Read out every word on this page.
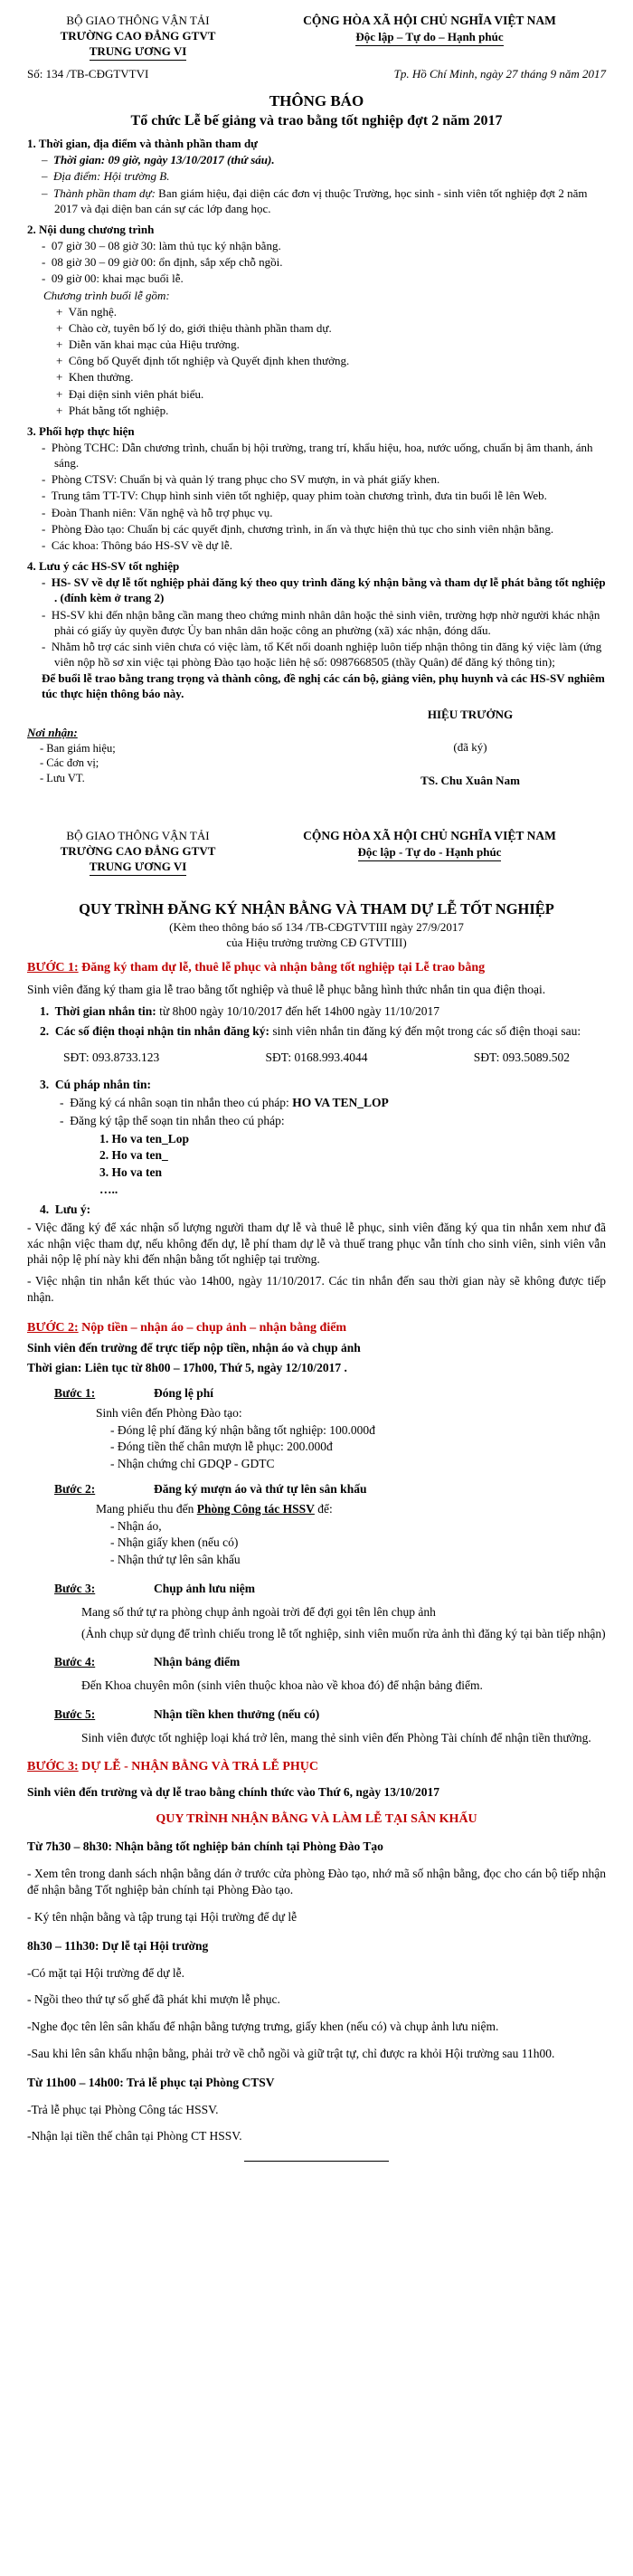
BỘ GIAO THÔNG VẬN TẢI
TRƯỜNG CAO ĐẲNG GTVT
TRUNG ƯƠNG VI
CỘNG HÒA XÃ HỘI CHỦ NGHĨA VIỆT NAM
Độc lập – Tự do – Hạnh phúc
Số: 134 /TB-CĐGTVTVI	Tp. Hồ Chí Minh, ngày 27 tháng 9 năm 2017
THÔNG BÁO
Tổ chức Lễ bế giảng và trao bằng tốt nghiệp đợt 2 năm 2017
1. Thời gian, địa điểm và thành phần tham dự
–  Thời gian: 09 giờ, ngày 13/10/2017 (thứ sáu).
–  Địa điểm: Hội trường B.
–  Thành phần tham dự: Ban giám hiệu, đại diện các đơn vị thuộc Trường, học sinh - sinh viên tốt nghiệp đợt 2 năm 2017 và đại diện ban cán sự các lớp đang học.
2. Nội dung chương trình
-  07 giờ 30 – 08 giờ 30: làm thủ tục ký nhận bằng.
-  08 giờ 30 – 09 giờ 00: ổn định, sắp xếp chỗ ngồi.
-  09 giờ 00: khai mạc buổi lễ.
Chương trình buổi lễ gồm:
+  Văn nghệ.
+  Chào cờ, tuyên bố lý do, giới thiệu thành phần tham dự.
+  Diễn văn khai mạc của Hiệu trưởng.
+  Công bố Quyết định tốt nghiệp và Quyết định khen thưởng.
+  Khen thưởng.
+  Đại diện sinh viên phát biểu.
+  Phát bằng tốt nghiệp.
3. Phối hợp thực hiện
-  Phòng TCHC: Dẫn chương trình, chuẩn bị hội trường, trang trí, khẩu hiệu, hoa, nước uống, chuẩn bị âm thanh, ánh sáng.
-  Phòng CTSV: Chuẩn bị và quản lý trang phục cho SV mượn, in và phát giấy khen.
-  Trung tâm TT-TV: Chụp hình sinh viên tốt nghiệp, quay phim toàn chương trình, đưa tin buổi lễ lên Web.
-  Đoàn Thanh niên: Văn nghệ và hỗ trợ phục vụ.
-  Phòng Đào tạo: Chuẩn bị các quyết định, chương trình, in ấn và thực hiện thủ tục cho sinh viên nhận bằng.
-  Các khoa: Thông báo HS-SV về dự lễ.
4. Lưu ý các HS-SV tốt nghiệp
-  HS- SV về dự lễ tốt nghiệp phải đăng ký theo quy trình đăng ký nhận bằng và tham dự lễ phát bằng tốt nghiệp . (đính kèm ở trang 2)
-  HS-SV khi đến nhận bằng cần mang theo chứng minh nhân dân hoặc thẻ sinh viên, trường hợp nhờ người khác nhận phải có giấy ủy quyền được Ủy ban nhân dân hoặc công an phường (xã) xác nhận, đóng dấu.
-  Nhằm hỗ trợ các sinh viên chưa có việc làm, tổ Kết nối doanh nghiệp luôn tiếp nhận thông tin đăng ký việc làm (ứng viên nộp hồ sơ xin việc tại phòng Đào tạo hoặc liên hệ số: 0987668505 (thầy Quân) để đăng ký thông tin);
Để buổi lễ trao bằng trang trọng và thành công, đề nghị các cán bộ, giảng viên, phụ huynh và các HS-SV nghiêm túc thực hiện thông báo này.
Nơi nhận:
- Ban giám hiệu;
- Các đơn vị;
- Lưu VT.
HIỆU TRƯỞNG
(đã ký)
TS. Chu Xuân Nam
BỘ GIAO THÔNG VẬN TẢI
TRƯỜNG CAO ĐẲNG GTVT
TRUNG ƯƠNG VI
CỘNG HÒA XÃ HỘI CHỦ NGHĨA VIỆT NAM
Độc lập - Tự do - Hạnh phúc
QUY TRÌNH ĐĂNG KÝ NHẬN BẰNG VÀ THAM DỰ LỄ TỐT NGHIỆP
(Kèm theo thông báo số 134 /TB-CĐGTVTIII ngày 27/9/2017
của Hiệu trưởng trường CĐ GTVTIII)
BƯỚC 1: Đăng ký tham dự lễ, thuê lễ phục và nhận bằng tốt nghiệp tại Lễ trao bằng

Sinh viên đăng ký tham gia lễ trao bằng tốt nghiệp và thuê lễ phục bằng hình thức nhắn tin qua điện thoại.

1.  Thời gian nhắn tin: từ 8h00 ngày 10/10/2017 đến hết 14h00 ngày 11/10/2017
2.  Các số điện thoại nhận tin nhắn đăng ký: sinh viên nhắn tin đăng ký đến một trong các số điện thoại sau:
SĐT: 093.8733.123	SĐT: 0168.993.4044	SĐT: 093.5089.502
3.  Cú pháp nhắn tin:
-  Đăng ký cá nhân soạn tin nhắn theo cú pháp: HO VA TEN_LOP
-  Đăng ký tập thể soạn tin nhắn theo cú pháp:
1. Ho va ten_Lop
2. Ho va ten_
3. Ho va ten
…..
4.  Lưu ý:

- Việc đăng ký để xác nhận số lượng người tham dự lễ và thuê lễ phục, sinh viên đăng ký qua tin nhắn xem như đã xác nhận việc tham dự, nếu không đến dự, lễ phí tham dự lễ và thuế trang phục vẫn tính cho sinh viên, sinh viên vẫn phải nộp lệ phí này khi đến nhận bằng tốt nghiệp tại trường.

- Việc nhận tin nhắn kết thúc vào 14h00, ngày 11/10/2017. Các tin nhắn đến sau thời gian này sẽ không được tiếp nhận.

BƯỚC 2: Nộp tiền – nhận áo – chụp ảnh – nhận bằng điểm
Sinh viên đến trường để trực tiếp nộp tiền, nhận áo và chụp ảnh
Thời gian: Liên tục từ 8h00 – 17h00, Thứ 5, ngày 12/10/2017 .
Bước 1:	Đóng lệ phí
Sinh viên đến Phòng Đào tạo:
- Đóng lệ phí đăng ký nhận bằng tốt nghiệp: 100.000đ
- Đóng tiền thế chân mượn lễ phục: 200.000đ
- Nhận chứng chỉ GDQP - GDTC
Bước 2:	Đăng ký mượn áo và thứ tự lên sân khấu
Mang phiếu thu đến Phòng Công tác HSSV để:
- Nhận áo,
- Nhận giấy khen (nếu có)
- Nhận thứ tự lên sân khấu
Bước 3:	Chụp ảnh lưu niệm

Mang số thứ tự ra phòng chụp ảnh ngoài trời để đợi gọi tên lên chụp ảnh

(Ảnh chụp sử dụng để trình chiếu trong lễ tốt nghiệp, sinh viên muốn rửa ảnh thì đăng ký tại bàn tiếp nhận)

Bước 4:	Nhận bảng điểm

Đến Khoa chuyên môn (sinh viên thuộc khoa nào về khoa đó) để nhận bảng điểm.

Bước 5:	Nhận tiền khen thưởng (nếu có)

Sinh viên được tốt nghiệp loại khá trở lên, mang thẻ sinh viên đến Phòng Tài chính để nhận tiền thưởng.

BƯỚC 3: DỰ LỄ - NHẬN BẰNG VÀ TRẢ LỄ PHỤC
Sinh viên đến trường và dự lễ trao bằng chính thức vào Thứ 6, ngày 13/10/2017
QUY TRÌNH NHẬN BẰNG VÀ LÀM LỄ TẠI SÂN KHẤU
Từ 7h30 – 8h30: Nhận bằng tốt nghiệp bản chính tại Phòng Đào Tạo

- Xem tên trong danh sách nhận bằng dán ở trước cửa phòng Đào tạo, nhớ mã số nhận bằng, đọc cho cán bộ tiếp nhận để nhận bằng Tốt nghiệp bản chính tại Phòng Đào tạo.

- Ký tên nhận bằng và tập trung tại Hội trường để dự lễ

8h30 – 11h30: Dự lễ tại Hội trường

-Có mặt tại Hội trường để dự lễ.

- Ngồi theo thứ tự số ghế đã phát khi mượn lễ phục.

-Nghe đọc tên lên sân khấu để nhận bằng tượng trưng, giấy khen (nếu có) và chụp ảnh lưu niệm.

-Sau khi lên sân khấu nhận bằng, phải trở về chỗ ngồi và giữ trật tự, chỉ được ra khỏi Hội trường sau 11h00.

Từ 11h00 – 14h00: Trả lễ phục tại Phòng CTSV

-Trả lễ phục tại Phòng Công tác HSSV.

-Nhận lại tiền thế chân tại Phòng CT HSSV.
